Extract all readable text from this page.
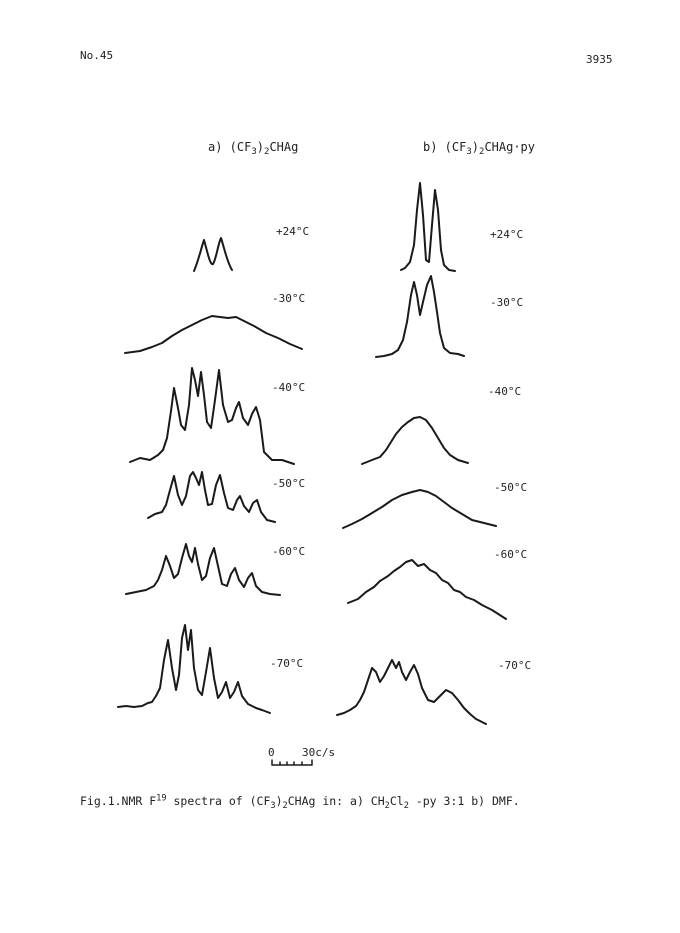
No.45	3935
a) $(CF_3)_2CHAg$	b) $(CF_3)_2CHAg\cdot py$
+24°C
-30°C
-40°C
-50°C
-60°C
-70°C
+24°C
-30°C
-40°C
-50°C
-60°C
-70°C
0 30c/s
Fig.1.NMR $F^{19}$ spectra of $(CF_3)_2CHAg$ in: a) $CH_2Cl_2$ -py 3:1 b) DMF.
